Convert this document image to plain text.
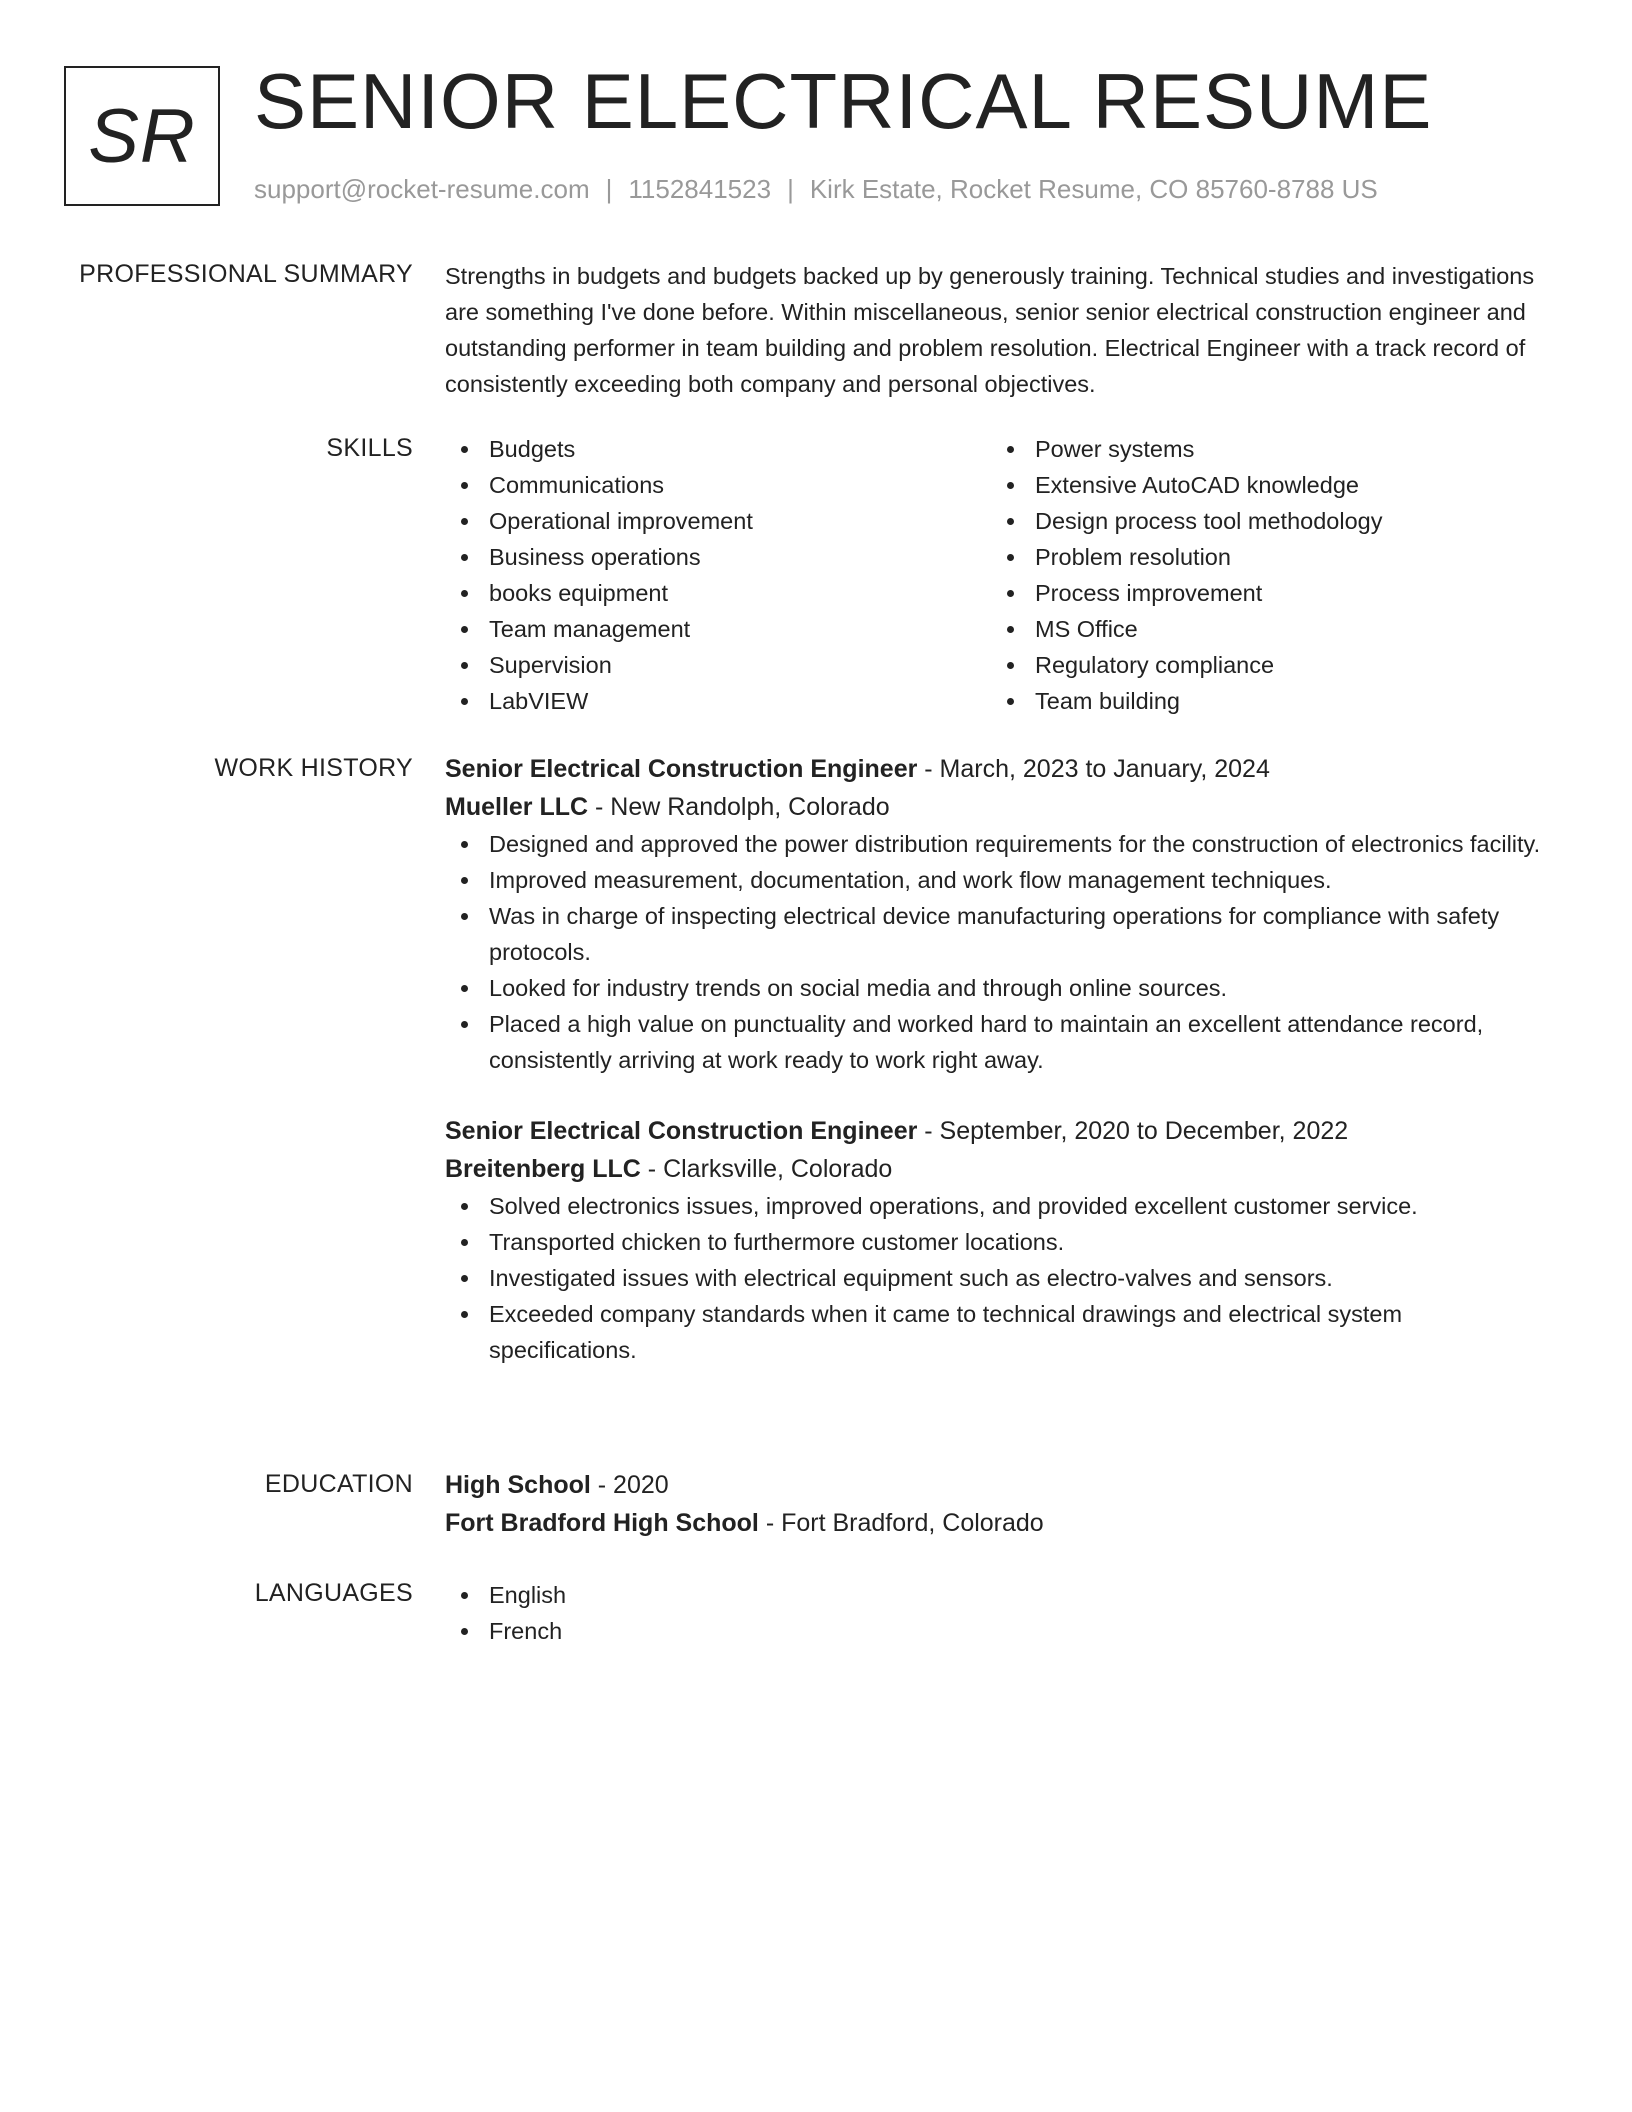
SR SENIOR ELECTRICAL RESUME
support@rocket-resume.com | 1152841523 | Kirk Estate, Rocket Resume, CO 85760-8788 US
PROFESSIONAL SUMMARY Strengths in budgets and budgets backed up by generously training. Technical studies and investigations are something I've done before. Within miscellaneous, senior senior electrical construction engineer and outstanding performer in team building and problem resolution. Electrical Engineer with a track record of consistently exceeding both company and personal objectives.

SKILLS	Budgets
Communications
Operational improvement
Business operations
books equipment
Team management
Supervision
LabVIEW
Power systems
Extensive AutoCAD knowledge
Design process tool methodology
Problem resolution
Process improvement
MS Office
Regulatory compliance
Team building
WORK HISTORY Senior Electrical Construction Engineer - March, 2023 to January, 2024
Mueller LLC - New Randolph, Colorado
Designed and approved the power distribution requirements for the construction of electronics facility.
Improved measurement, documentation, and work flow management techniques.
Was in charge of inspecting electrical device manufacturing operations for compliance with safety protocols.
Looked for industry trends on social media and through online sources.
Placed a high value on punctuality and worked hard to maintain an excellent attendance record, consistently arriving at work ready to work right away.
Senior Electrical Construction Engineer - September, 2020 to December, 2022
Breitenberg LLC - Clarksville, Colorado
Solved electronics issues, improved operations, and provided excellent customer service.
Transported chicken to furthermore customer locations.
Investigated issues with electrical equipment such as electro-valves and sensors.
Exceeded company standards when it came to technical drawings and electrical system specifications.
EDUCATION High School - 2020
Fort Bradford High School - Fort Bradford, Colorado
LANGUAGES	English
French
